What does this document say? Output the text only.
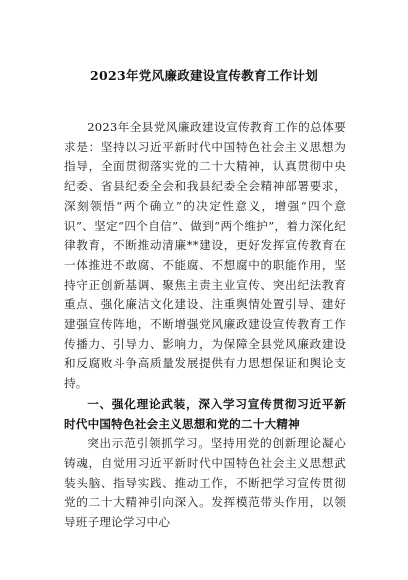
2023年党风廉政建设宣传教育工作计划

2023年全县党风廉政建设宣传教育工作的总体要求是：坚持以习近平新时代中国特色社会主义思想为指导，全面贯彻落实党的二十大精神，认真贯彻中央纪委、省县纪委全会和我县纪委全会精神部署要求，深刻领悟“两个确立”的决定性意义，增强“四个意识”、坚定“四个自信”、做到“两个维护”，着力深化纪律教育，不断推动清廉**建设，更好发挥宣传教育在一体推进不敢腐、不能腐、不想腐中的职能作用，坚持守正创新基调、聚焦主责主业宣传、突出纪法教育重点、强化廉洁文化建设、注重舆情处置引导、建好建强宣传阵地，不断增强党风廉政建设宣传教育工作传播力、引导力、影响力，为保障全县党风廉政建设和反腐败斗争高质量发展提供有力思想保证和舆论支持。

一、强化理论武装，深入学习宣传贯彻习近平新时代中国特色社会主义思想和党的二十大精神

突出示范引领抓学习。坚持用党的创新理论凝心铸魂，自觉用习近平新时代中国特色社会主义思想武装头脑、指导实践、推动工作，不断把学习宣传贯彻党的二十大精神引向深入。发挥模范带头作用，以领导班子理论学习中心
